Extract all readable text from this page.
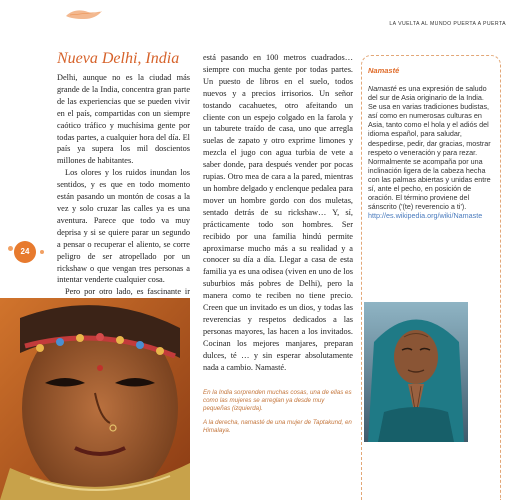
LA VUELTA AL MUNDO PUERTA A PUERTA
Nueva Delhi, India

Delhi, aunque no es la ciudad más grande de la India, concentra gran parte de las experiencias que se pueden vivir en el país, compartidas con un siempre caótico tráfico y muchísima gente por todas partes, a cualquier hora del día. El país ya supera los mil doscientos millones de habitantes.

Los olores y los ruidos inundan los sentidos, y es que en todo momento están pasando un montón de cosas a la vez y solo cruzar las calles ya es una aventura. Parece que todo va muy deprisa y si se quiere parar un segundo a pensar o recuperar el aliento, se corre peligro de ser atropellado por un rickshaw o que vengan tres personas a intentar venderte cualquier cosa.

Pero por otro lado, es fascinante ir

está pasando en 100 metros cuadrados… siempre con mucha gente por todas partes. Un puesto de libros en el suelo, todos nuevos y a precios irrisorios. Un señor tostando cacahuetes, otro afeitando un cliente con un espejo colgado en la farola y un taburete traído de casa, uno que arregla suelas de zapato y otro exprime limones y mezcla el jugo con agua turbia de vete a saber donde, para después vender por pocas rupias. Otro mea de cara a la pared, mientras un hombre delgado y enclenque pedalea para mover un hombre gordo con dos muletas, sentado detrás de su rickshaw… Y, sí, prácticamente todo son hombres. Ser recibido por una familia hindú permite aproximarse mucho más a su realidad y a conocer su día a día. Llegar a casa de esta familia ya es una odisea (viven en uno de los suburbios más pobres de Delhi), pero la manera como te reciben no tiene precio. Creen que un invitado es un dios, y todas las reverencias y respetos dedicados a las personas mayores, las hacen a los invitados. Cocinan los mejores manjares, preparan dulces, té … y sin esperar absolutamente nada a cambio. Namasté.

24

En la India sorprenden muchas cosas, una de ellas es como las mujeres se arreglan ya desde muy pequeñas (izquierda).

A la derecha, namasté de una mujer de Taptakund, en Himalaya.

Namasté
Namasté es una expresión de saludo del sur de Asia originario de la India. Se usa en varias tradiciones budistas, así como en numerosas culturas en Asia, tanto como el hola y el adiós del idioma español, para saludar, despedirse, pedir, dar gracias, mostrar respeto o veneración y para rezar. Normalmente se acompaña por una inclinación ligera de la cabeza hecha con las palmas abiertas y unidas entre sí, ante el pecho, en posición de oración. El término proviene del sánscrito ('(te) reverencio a ti').
http://es.wikipedia.org/wiki/Namaste
